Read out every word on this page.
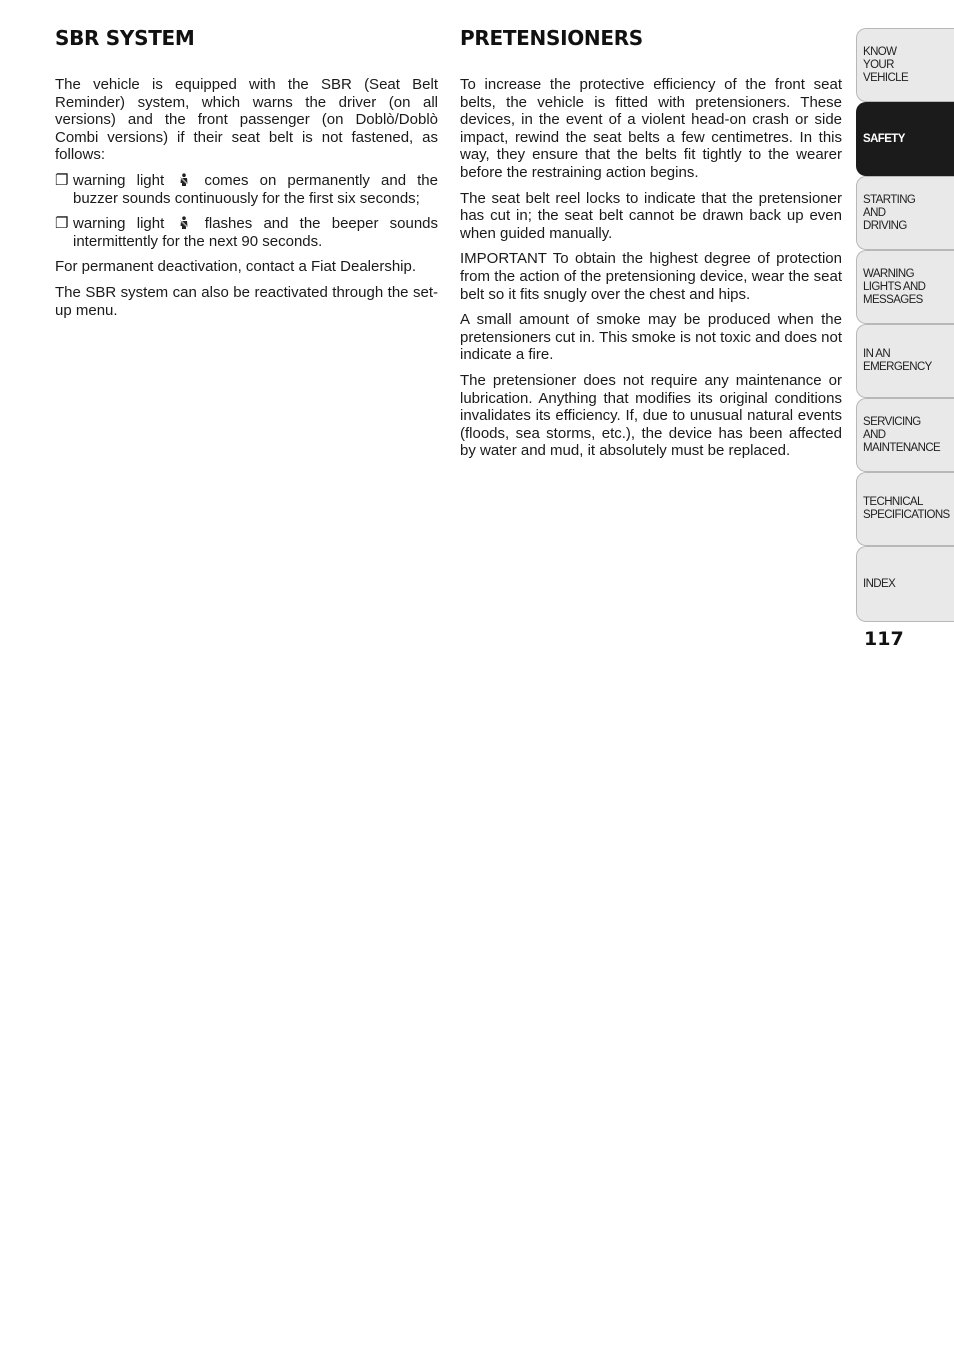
SBR SYSTEM

The vehicle is equipped with the SBR (Seat Belt Reminder) system, which warns the driver (on all versions) and the front passenger (on Doblò/Doblò Combi versions) if their seat belt is not fastened, as follows:

❐ warning light	comes on permanently and the buzzer sounds continuously for the first six seconds;
❐ warning light	flashes and the beeper sounds intermittently for the next 90 seconds.

For permanent deactivation, contact a Fiat Dealership.

The SBR system can also be reactivated through the set-up menu.

PRETENSIONERS

To increase the protective efficiency of the front seat belts, the vehicle is fitted with pretensioners. These devices, in the event of a violent head-on crash or side impact, rewind the seat belts a few centimetres. In this way, they ensure that the belts fit tightly to the wearer before the restraining action begins.

The seat belt reel locks to indicate that the pretensioner has cut in; the seat belt cannot be drawn back up even when guided manually.

IMPORTANT To obtain the highest degree of protection from the action of the pretensioning device, wear the seat belt so it fits snugly over the chest and hips.

A small amount of smoke may be produced when the pretensioners cut in. This smoke is not toxic and does not indicate a fire.

The pretensioner does not require any maintenance or lubrication. Anything that modifies its original conditions invalidates its efficiency. If, due to unusual natural events (floods, sea storms, etc.), the device has been affected by water and mud, it absolutely must be replaced.

KNOW
YOUR
VEHICLE
SAFETY
STARTING
AND
DRIVING
WARNING
LIGHTS AND
MESSAGES
IN AN
EMERGENCY
SERVICING
AND
MAINTENANCE
TECHNICAL
SPECIFICATIONS
INDEX
117
